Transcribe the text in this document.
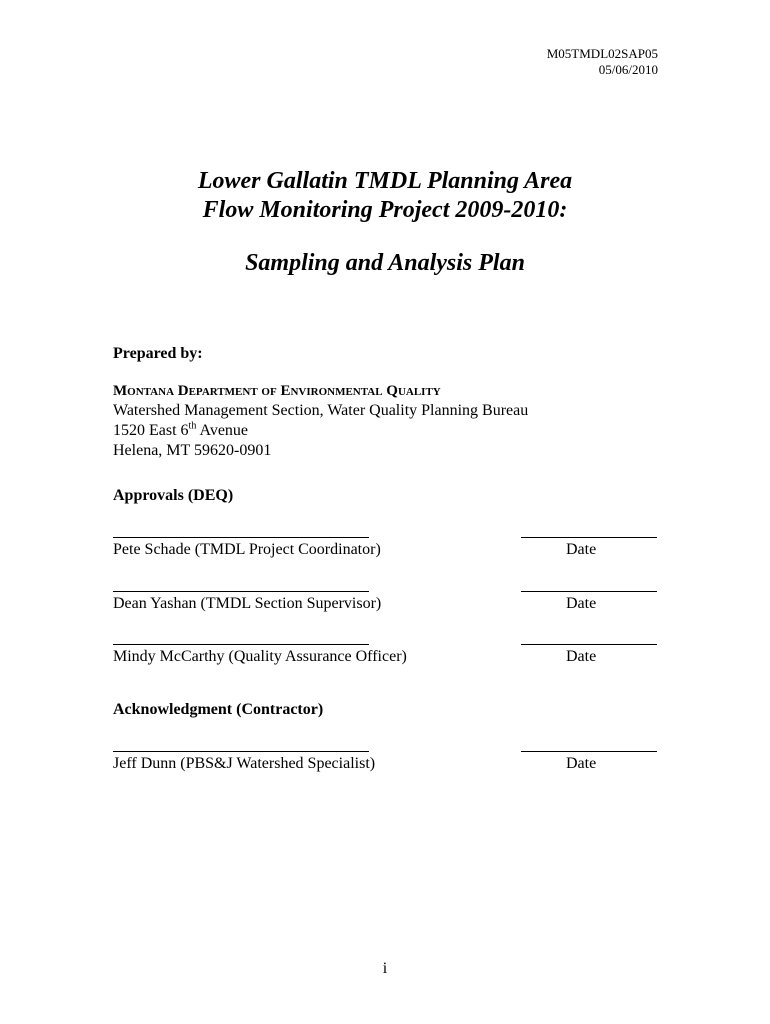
M05TMDL02SAP05
05/06/2010
Lower Gallatin TMDL Planning Area
Flow Monitoring Project 2009-2010:
Sampling and Analysis Plan
Prepared by:
Montana Department of Environmental Quality
Watershed Management Section, Water Quality Planning Bureau
1520 East 6th Avenue
Helena, MT 59620-0901
Approvals (DEQ)
Pete Schade (TMDL Project Coordinator)	Date
Dean Yashan (TMDL Section Supervisor)	Date
Mindy McCarthy (Quality Assurance Officer)	Date
Acknowledgment (Contractor)
Jeff Dunn (PBS&J Watershed Specialist)	Date
i
